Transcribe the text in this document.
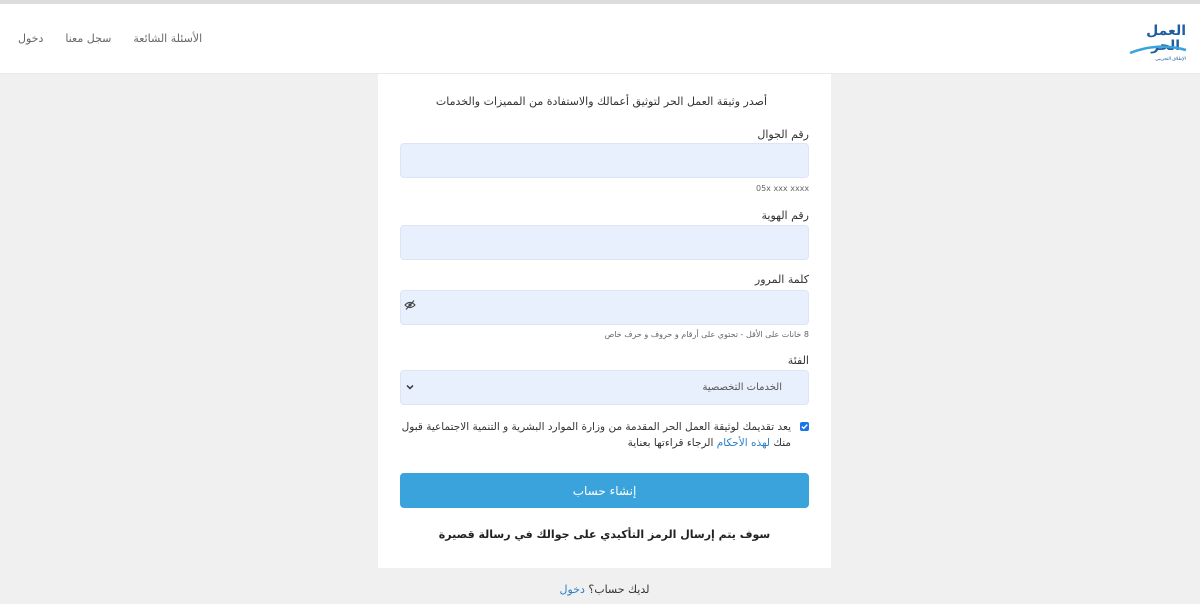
دخول سجل معنا الأسئلة الشائعة	العمل
الحر
الإطلاق التجريبي
أصدر وثيقة العمل الحر لتوثيق أعمالك والاستفادة من المميزات والخدمات
رقم الجوال
05x xxx xxxx
رقم الهوية
كلمة المرور
8 خانات على الأقل - تحتوي على أرقام و حروف و حرف خاص
الفئة
الخدمات التخصصية
يعد تقديمك لوثيقة العمل الحر المقدمة من وزارة الموارد البشرية و التنمية الاجتماعية قبول منك لهذه الأحكام الرجاء قراءتها بعناية
إنشاء حساب
سوف يتم إرسال الرمز التأكيدي على جوالك في رسالة قصيرة
لديك حساب؟ دخول
